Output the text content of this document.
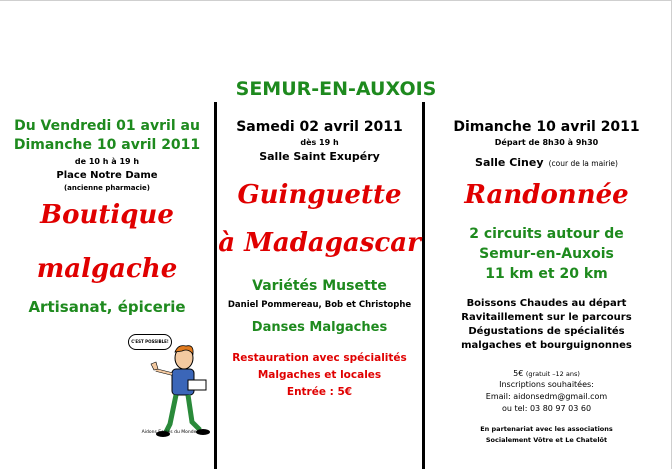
SEMUR-EN-AUXOIS
Du Vendredi 01 avril au
Dimanche 10 avril 2011
de 10 h à 19 h
Place Notre Dame
(ancienne pharmacie)
Boutique
malgache
Artisanat, épicerie
C'EST POSSIBLE!
Aidons Ecoles du Monde
Samedi 02 avril 2011
dès 19 h
Salle Saint Exupéry
Guinguette
à Madagascar
Variétés Musette
Daniel Pommereau, Bob et Christophe
Danses Malgaches
Restauration avec spécialités
Malgaches et locales
Entrée : 5€
Dimanche 10 avril 2011
Départ de 8h30 à 9h30
Salle Ciney (cour de la mairie)
Randonnée
2 circuits autour de
Semur-en-Auxois
11 km et 20 km
Boissons Chaudes au départ
Ravitaillement sur le parcours
Dégustations de spécialités
malgaches et bourguignonnes
5€ (gratuit –12 ans)
Inscriptions souhaitées:
Email: aidonsedm@gmail.com
ou tel: 03 80 97 03 60
En partenariat avec les associations
Socialement Vôtre et Le Chatelôt
